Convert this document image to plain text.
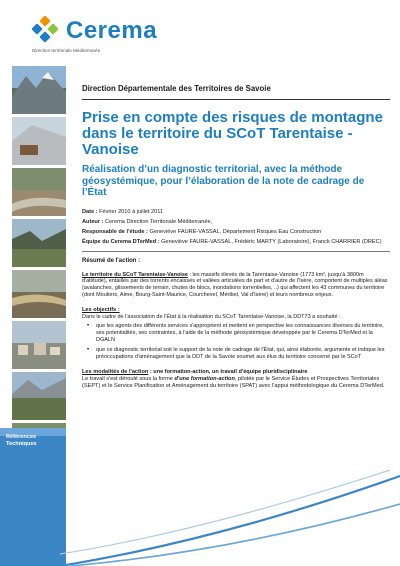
Cerema
Direction territoriale Méditerranée
Références
Techniques
Direction Départementale des Territoires de Savoie
Prise en compte des risques de montagne dans le territoire du SCoT Tarentaise - Vanoise
Réalisation d’un diagnostic territorial, avec la méthode géosystémique, pour l’élaboration de la note de cadrage de l’État

Date : Février 2010 à juillet 2011

Auteur : Cerema Direction Territoriale Méditerranée,

Responsable de l’étude : Geneviève FAURE-VASSAL, Département Risques Eau Construction

Équipe du Cerema DTerMed : Geneviève FAURE-VASSAL, Frédéric MARTY (Laboratoire), Franck CHARRIER (DREC)

Résumé de l'action :
Le territoire du SCoT Tarentaise-Vanoise : les massifs élevés de la Tarentaise-Vanoise (1773 km², jusqu'à 3800m d'altitude), entaillés par des torrents encaissés et vallées articulées de part et d'autre de l'Isère, comportent de multiples aléas (avalanches, glissements de terrain, chutes de blocs, inondations torrentielles, ..) qui affectent les 43 communes du territoire (dont Moutiers, Aime, Bourg-Saint-Maurice, Courchevel, Méribel, Val d'Isère) et leurs nombreux enjeux.
Les objectifs :
Dans le cadre de l'association de l'État à la réalisation du SCoT Tarentaise-Vanoise, la DDT73 a souhaité :
• que les agents des différents services s'approprient et mettent en perspective les connaissances diverses du territoire, ses potentialités, ses contraintes, à l'aide de la méthode géosystémique développée par le Cerema DTerMed et la DGALN
• que ce diagnostic territorial soit le support de la note de cadrage de l'État, qui, ainsi élaborée, argumente et indique les préoccupations d'aménagement que la DDT de la Savoie soumet aux élus du territoire concerné par le SCoT
Les modalités de l'action : une formation-action, un travail d'équipe pluridisciplinaire
Le travail s'est déroulé sous la forme d'une formation-action, pilotée par le Service Études et Prospectives Territoriales (SEPT) et le Service Planification et Aménagement du territoire (SPAT) avec l'appui méthodologique du Cerema DTerMed.
